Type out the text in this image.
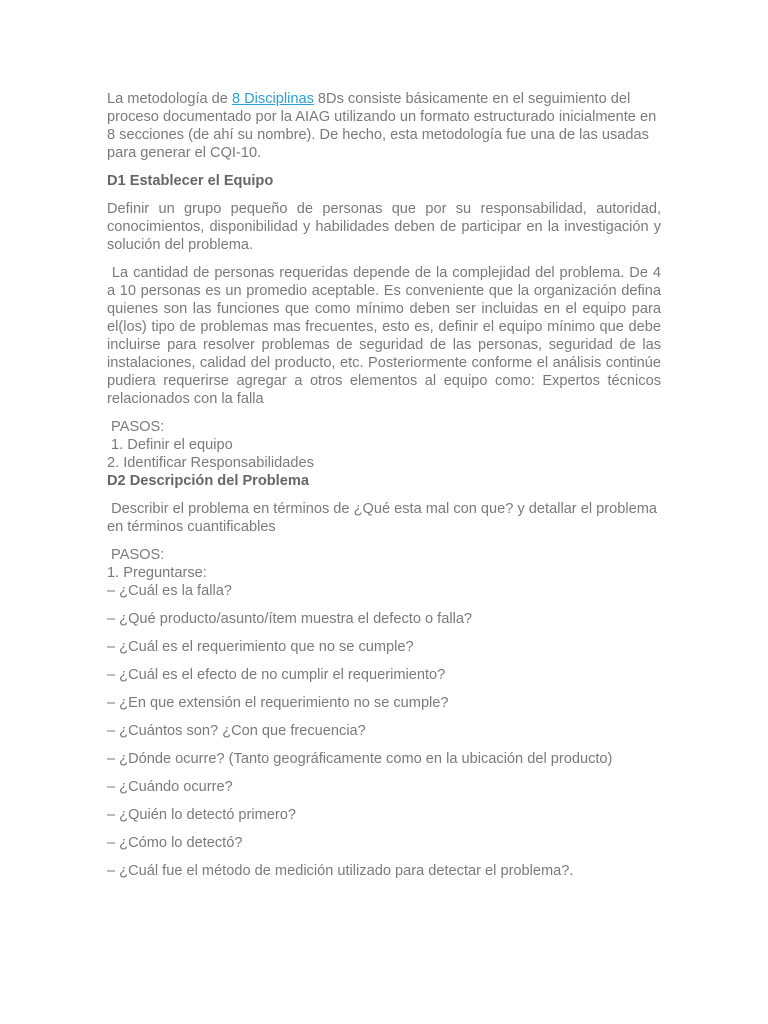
La metodología de 8 Disciplinas 8Ds consiste básicamente en el seguimiento del proceso documentado por la AIAG utilizando un formato estructurado inicialmente en 8 secciones (de ahí su nombre). De hecho, esta metodología fue una de las usadas para generar el CQI-10.

D1 Establecer el Equipo

Definir un grupo pequeño de personas que por su responsabilidad, autoridad, conocimientos, disponibilidad y habilidades deben de participar en la investigación y solución del problema.

La cantidad de personas requeridas depende de la complejidad del problema. De 4 a 10 personas es un promedio aceptable. Es conveniente que la organización defina quienes son las funciones que como mínimo deben ser incluidas en el equipo para el(los) tipo de problemas mas frecuentes, esto es, definir el equipo mínimo que debe incluirse para resolver problemas de seguridad de las personas, seguridad de las instalaciones, calidad del producto, etc. Posteriormente conforme el análisis continúe pudiera requerirse agregar a otros elementos al equipo como: Expertos técnicos relacionados con la falla

PASOS:

1. Definir el equipo

2. Identificar Responsabilidades

D2 Descripción del Problema

Describir el problema en términos de ¿Qué esta mal con que? y detallar el problema en términos cuantificables

PASOS:

1. Preguntarse:

– ¿Cuál es la falla?
– ¿Qué producto/asunto/ítem muestra el defecto o falla?
– ¿Cuál es el requerimiento que no se cumple?
– ¿Cuál es el efecto de no cumplir el requerimiento?
– ¿En que extensión el requerimiento no se cumple?
– ¿Cuántos son? ¿Con que frecuencia?
– ¿Dónde ocurre? (Tanto geográficamente como en la ubicación del producto)
– ¿Cuándo ocurre?
– ¿Quién lo detectó primero?
– ¿Cómo lo detectó?
– ¿Cuál fue el método de medición utilizado para detectar el problema?.
